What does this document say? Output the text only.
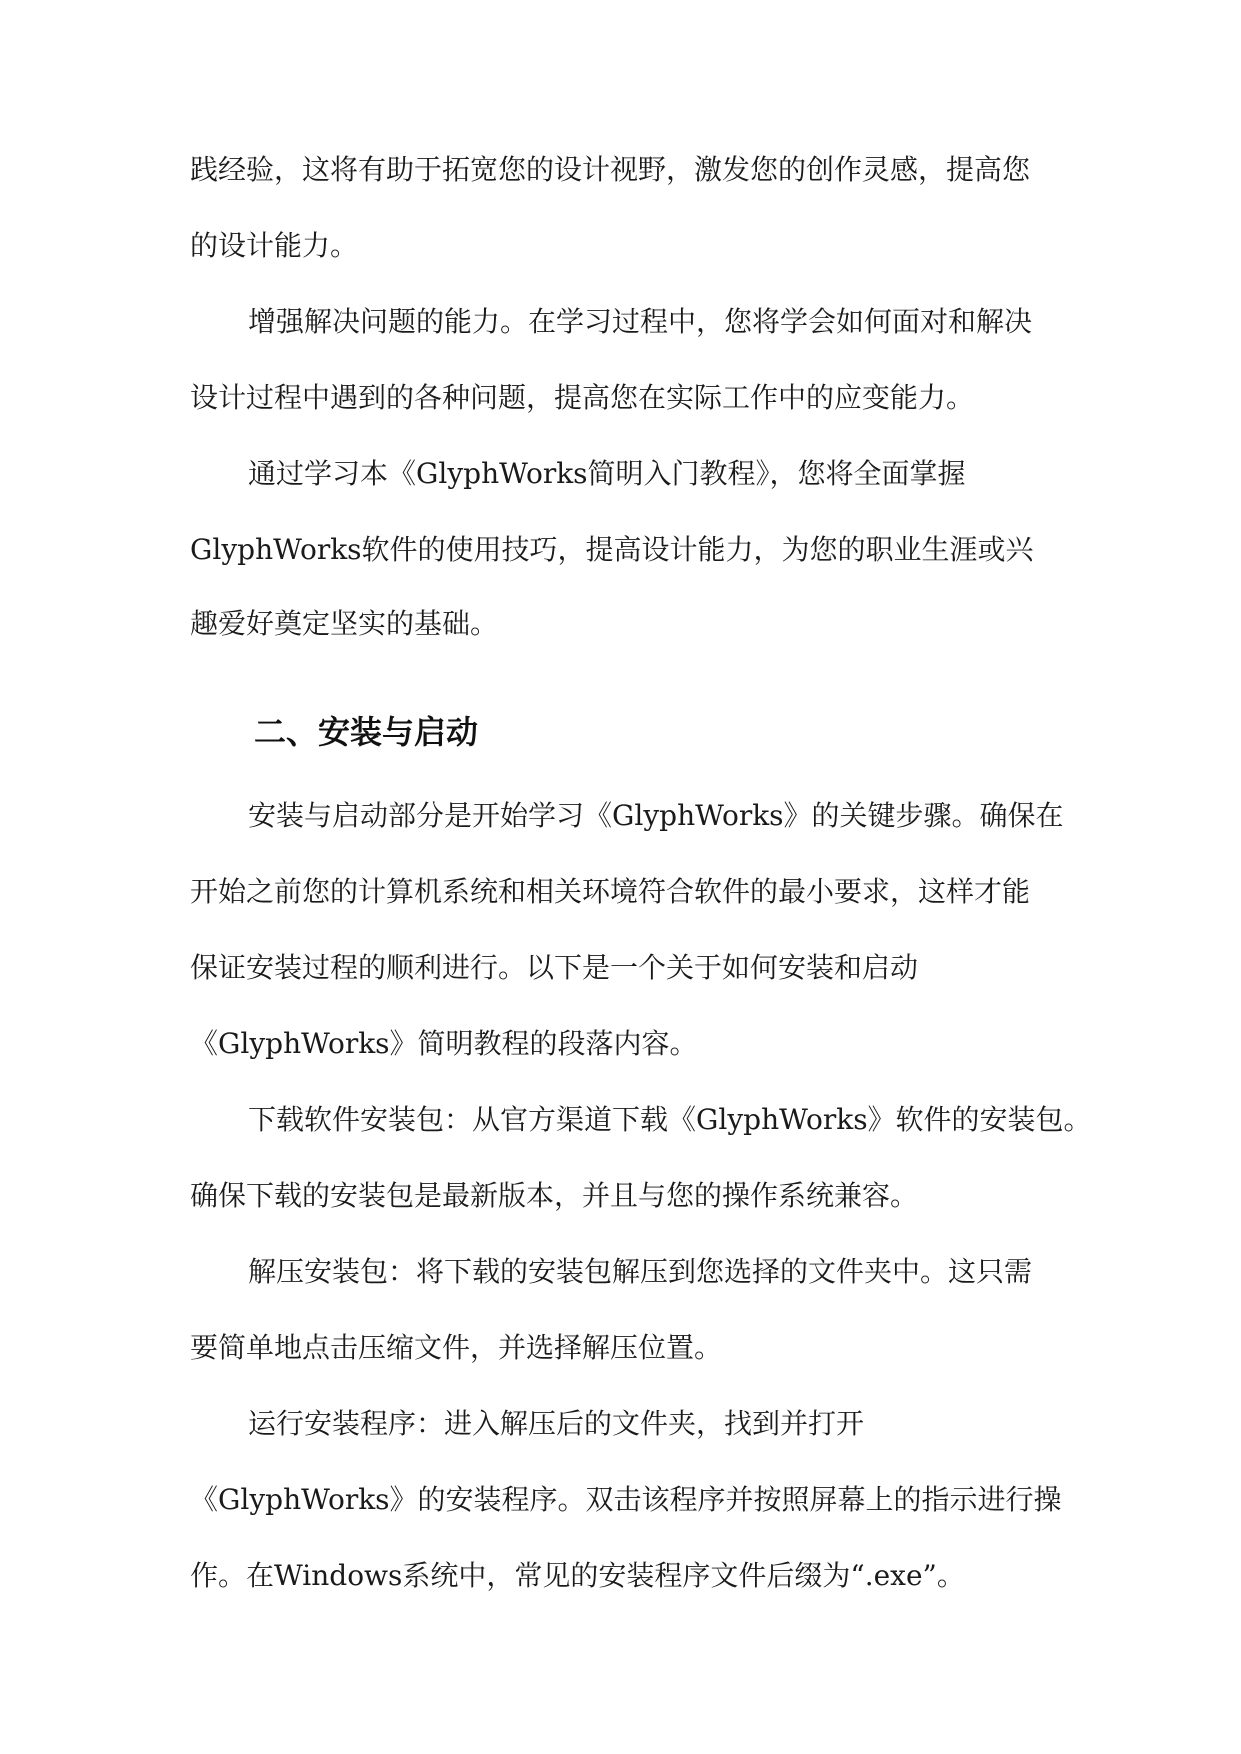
践经验，这将有助于拓宽您的设计视野，激发您的创作灵感，提高您

的设计能力。

增强解决问题的能力。在学习过程中，您将学会如何面对和解决

设计过程中遇到的各种问题，提高您在实际工作中的应变能力。

通过学习本《GlyphWorks简明入门教程》，您将全面掌握

GlyphWorks软件的使用技巧，提高设计能力，为您的职业生涯或兴

趣爱好奠定坚实的基础。

二、安装与启动

安装与启动部分是开始学习《GlyphWorks》的关键步骤。确保在

开始之前您的计算机系统和相关环境符合软件的最小要求，这样才能

保证安装过程的顺利进行。以下是一个关于如何安装和启动

《GlyphWorks》简明教程的段落内容。

下载软件安装包：从官方渠道下载《GlyphWorks》软件的安装包。

确保下载的安装包是最新版本，并且与您的操作系统兼容。

解压安装包：将下载的安装包解压到您选择的文件夹中。这只需

要简单地点击压缩文件，并选择解压位置。

运行安装程序：进入解压后的文件夹，找到并打开

《GlyphWorks》的安装程序。双击该程序并按照屏幕上的指示进行操

作。在Windows系统中，常见的安装程序文件后缀为“.exe”。
